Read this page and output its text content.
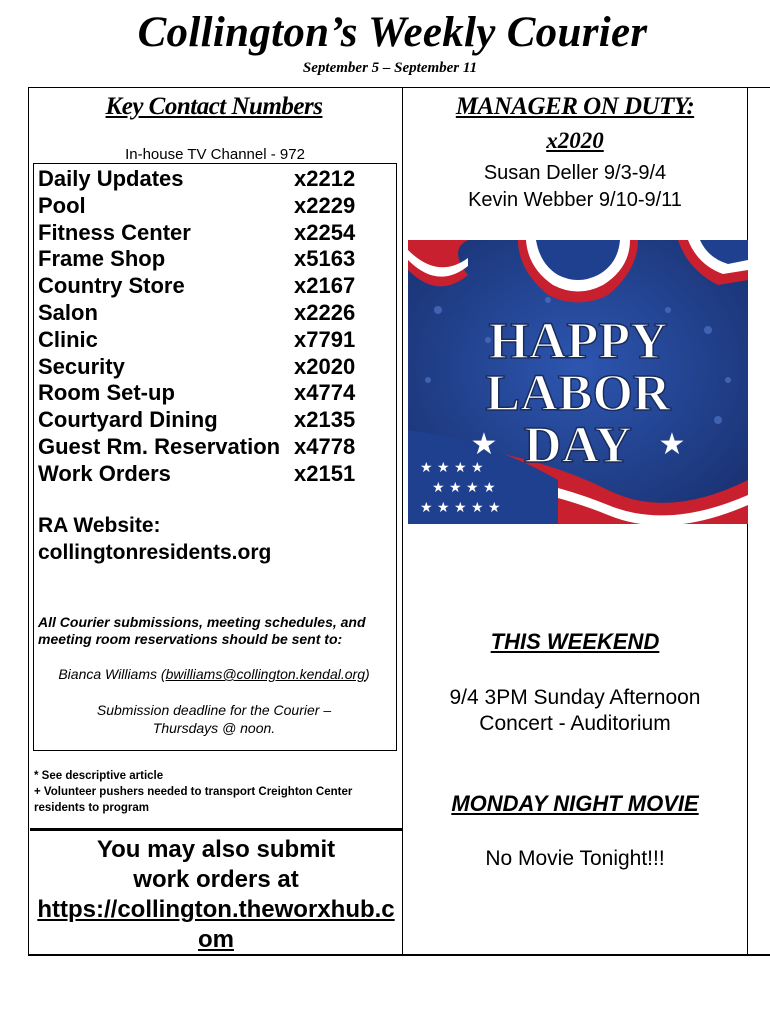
Collington’s Weekly Courier
September 5 – September 11
Key Contact Numbers
In-house TV Channel - 972
Daily Updates	x2212
Pool	x2229
Fitness Center	x2254
Frame Shop	x5163
Country Store	x2167
Salon	x2226
Clinic	x7791
Security	x2020
Room Set-up	x4774
Courtyard Dining	x2135
Guest Rm. Reservation x4778
Work Orders	x2151
RA Website:
collingtonresidents.org
All Courier submissions, meeting schedules, and meeting room reservations should be sent to:
Bianca Williams (bwilliams@collington.kendal.org)
Submission deadline for the Courier – Thursdays @ noon.
* See descriptive article
+ Volunteer pushers needed to transport Creighton Center residents to program
You may also submit work orders at
https://collington.theworxhub.com
MANAGER ON DUTY:
x2020
Susan Deller 9/3-9/4
Kevin Webber 9/10-9/11
★ ★ ★ ★
★ ★ ★ ★
★ ★ ★ ★ ★
HAPPY
LABOR
DAY
★	★
THIS WEEKEND
9/4 3PM Sunday Afternoon Concert - Auditorium
MONDAY NIGHT MOVIE
No Movie Tonight!!!
